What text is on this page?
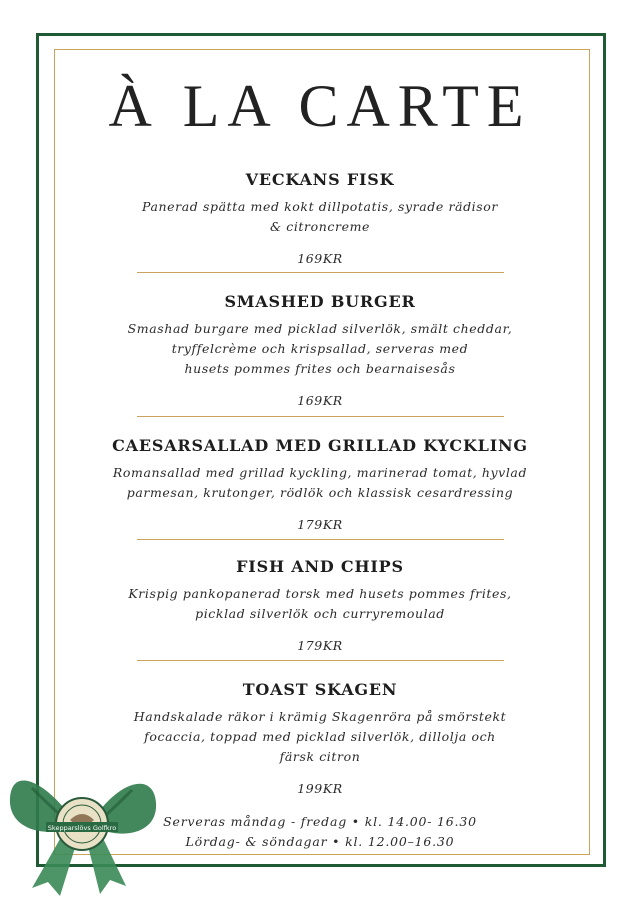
À LA CARTE
VECKANS FISK
Panerad spätta med kokt dillpotatis, syrade rädisor
& citroncreme
169KR
SMASHED BURGER
Smashad burgare med picklad silverlök, smält cheddar,
tryffelcrème och krispsallad, serveras med
husets pommes frites och bearnaisesås
169KR
CAESARSALLAD MED GRILLAD KYCKLING
Romansallad med grillad kyckling, marinerad tomat, hyvlad
parmesan, krutonger, rödlök och klassisk cesardressing
179KR
FISH AND CHIPS
Krispig pankopanerad torsk med husets pommes frites,
picklad silverlök och curryremoulad
179KR
TOAST SKAGEN
Handskalade räkor i krämig Skagenröra på smörstekt
focaccia, toppad med picklad silverlök, dillolja och
färsk citron
199KR
Serveras måndag - fredag • kl. 14.00- 16.30
Lördag- & söndagar • kl. 12.00–16.30
Skepparslövs Golfkro
